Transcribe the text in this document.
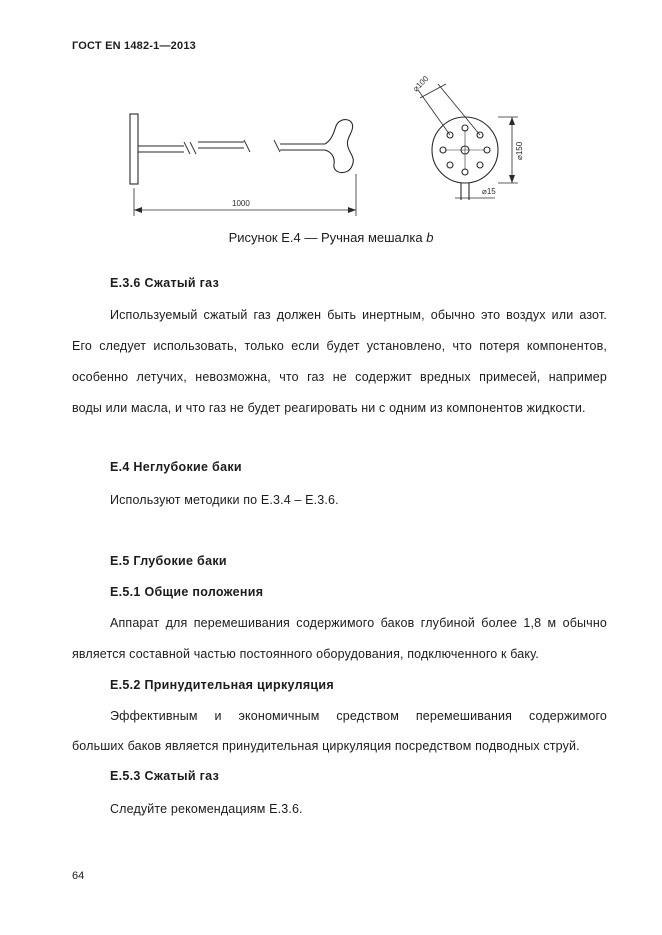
ГОСТ EN 1482-1—2013
1000
⌀100
⌀150
⌀15
Рисунок Е.4 — Ручная мешалка b
Е.3.6 Сжатый газ
Используемый сжатый газ должен быть инертным, обычно это воздух или азот.
Его следует использовать, только если будет установлено, что потеря компонентов,
особенно летучих, невозможна, что газ не содержит вредных примесей, например
воды или масла, и что газ не будет реагировать ни с одним из компонентов жидкости.
Е.4 Неглубокие баки
Используют методики по Е.3.4 – Е.3.6.
Е.5 Глубокие баки
Е.5.1 Общие положения
Аппарат для перемешивания содержимого баков глубиной более 1,8 м обычно
является составной частью постоянного оборудования, подключенного к баку.
Е.5.2 Принудительная циркуляция
Эффективным и экономичным средством перемешивания содержимого
больших баков является принудительная циркуляция посредством подводных струй.
Е.5.3 Сжатый газ
Следуйте рекомендациям Е.3.6.
64
